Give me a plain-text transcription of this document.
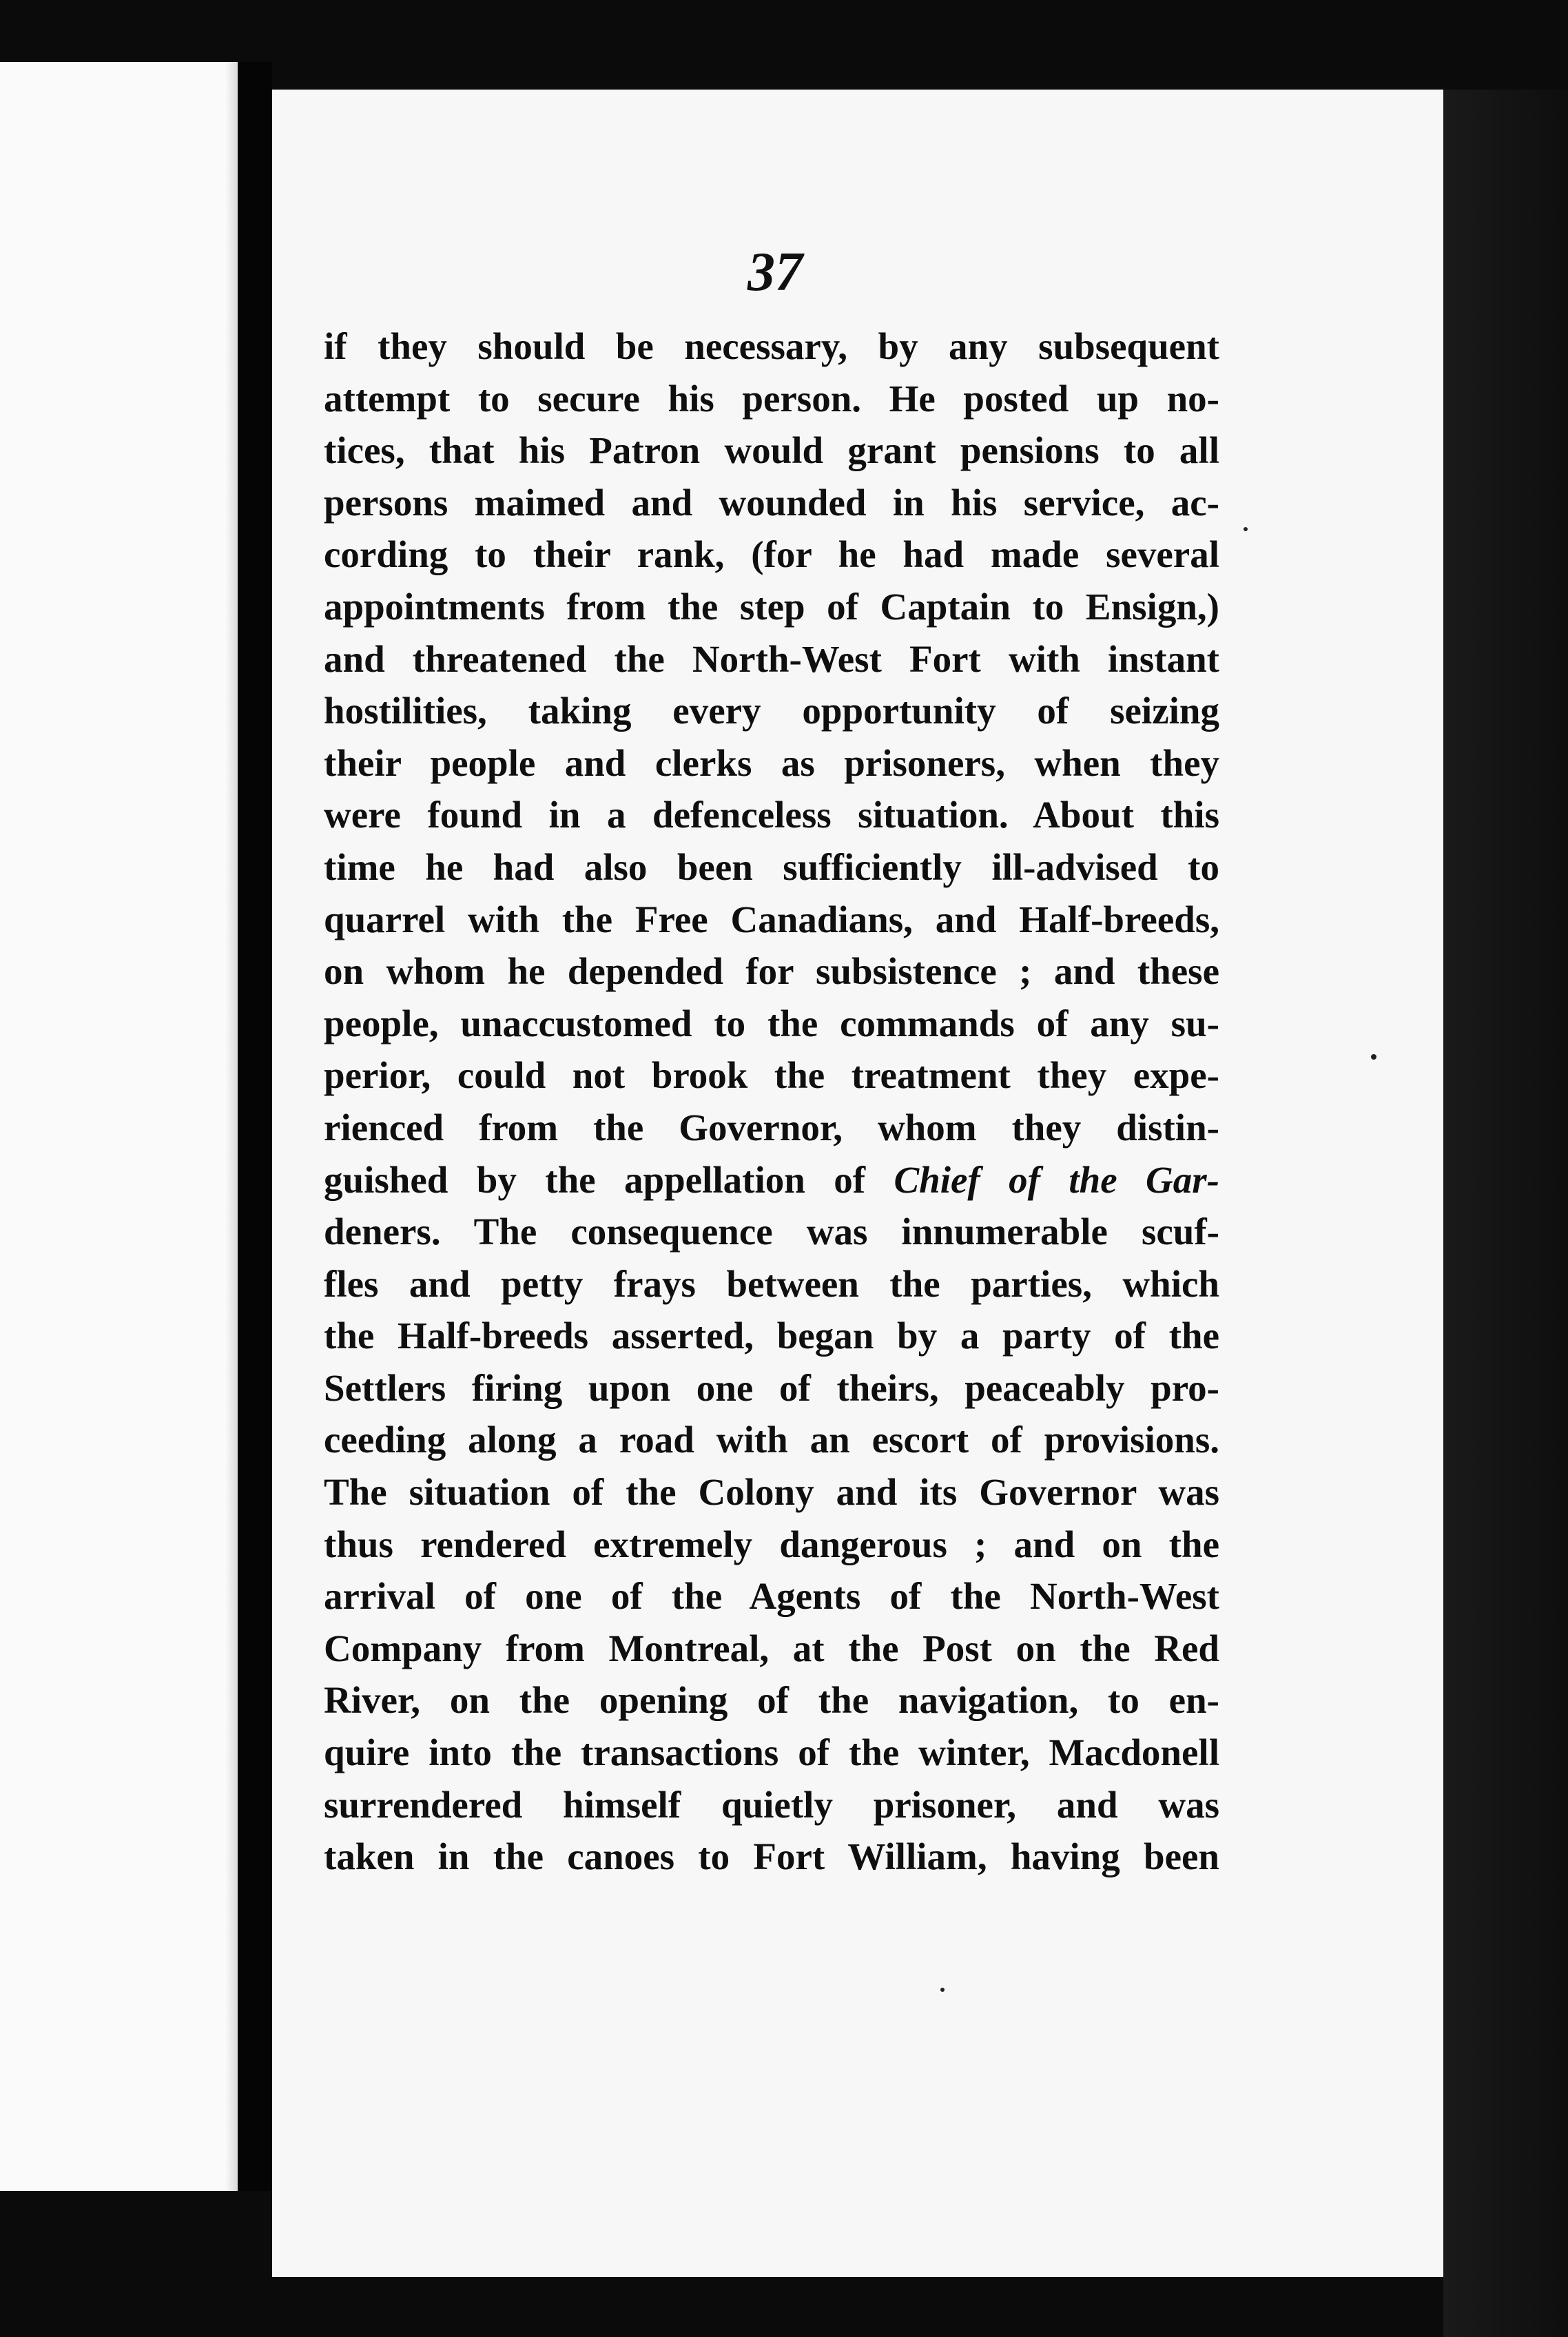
37
if they should be necessary, by any subsequent
attempt to secure his person. He posted up no-
tices, that his Patron would grant pensions to all
persons maimed and wounded in his service, ac-
cording to their rank, (for he had made several
appointments from the step of Captain to Ensign,)
and threatened the North-West Fort with instant
hostilities, taking every opportunity of seizing
their people and clerks as prisoners, when they
were found in a defenceless situation. About this
time he had also been sufficiently ill-advised to
quarrel with the Free Canadians, and Half-breeds,
on whom he depended for subsistence ; and these
people, unaccustomed to the commands of any su-
perior, could not brook the treatment they expe-
rienced from the Governor, whom they distin-
guished by the appellation of Chief of the Gar-
deners. The consequence was innumerable scuf-
fles and petty frays between the parties, which
the Half-breeds asserted, began by a party of the
Settlers firing upon one of theirs, peaceably pro-
ceeding along a road with an escort of provisions.
The situation of the Colony and its Governor was
thus rendered extremely dangerous ; and on the
arrival of one of the Agents of the North-West
Company from Montreal, at the Post on the Red
River, on the opening of the navigation, to en-
quire into the transactions of the winter, Macdonell
surrendered himself quietly prisoner, and was
taken in the canoes to Fort William, having been
